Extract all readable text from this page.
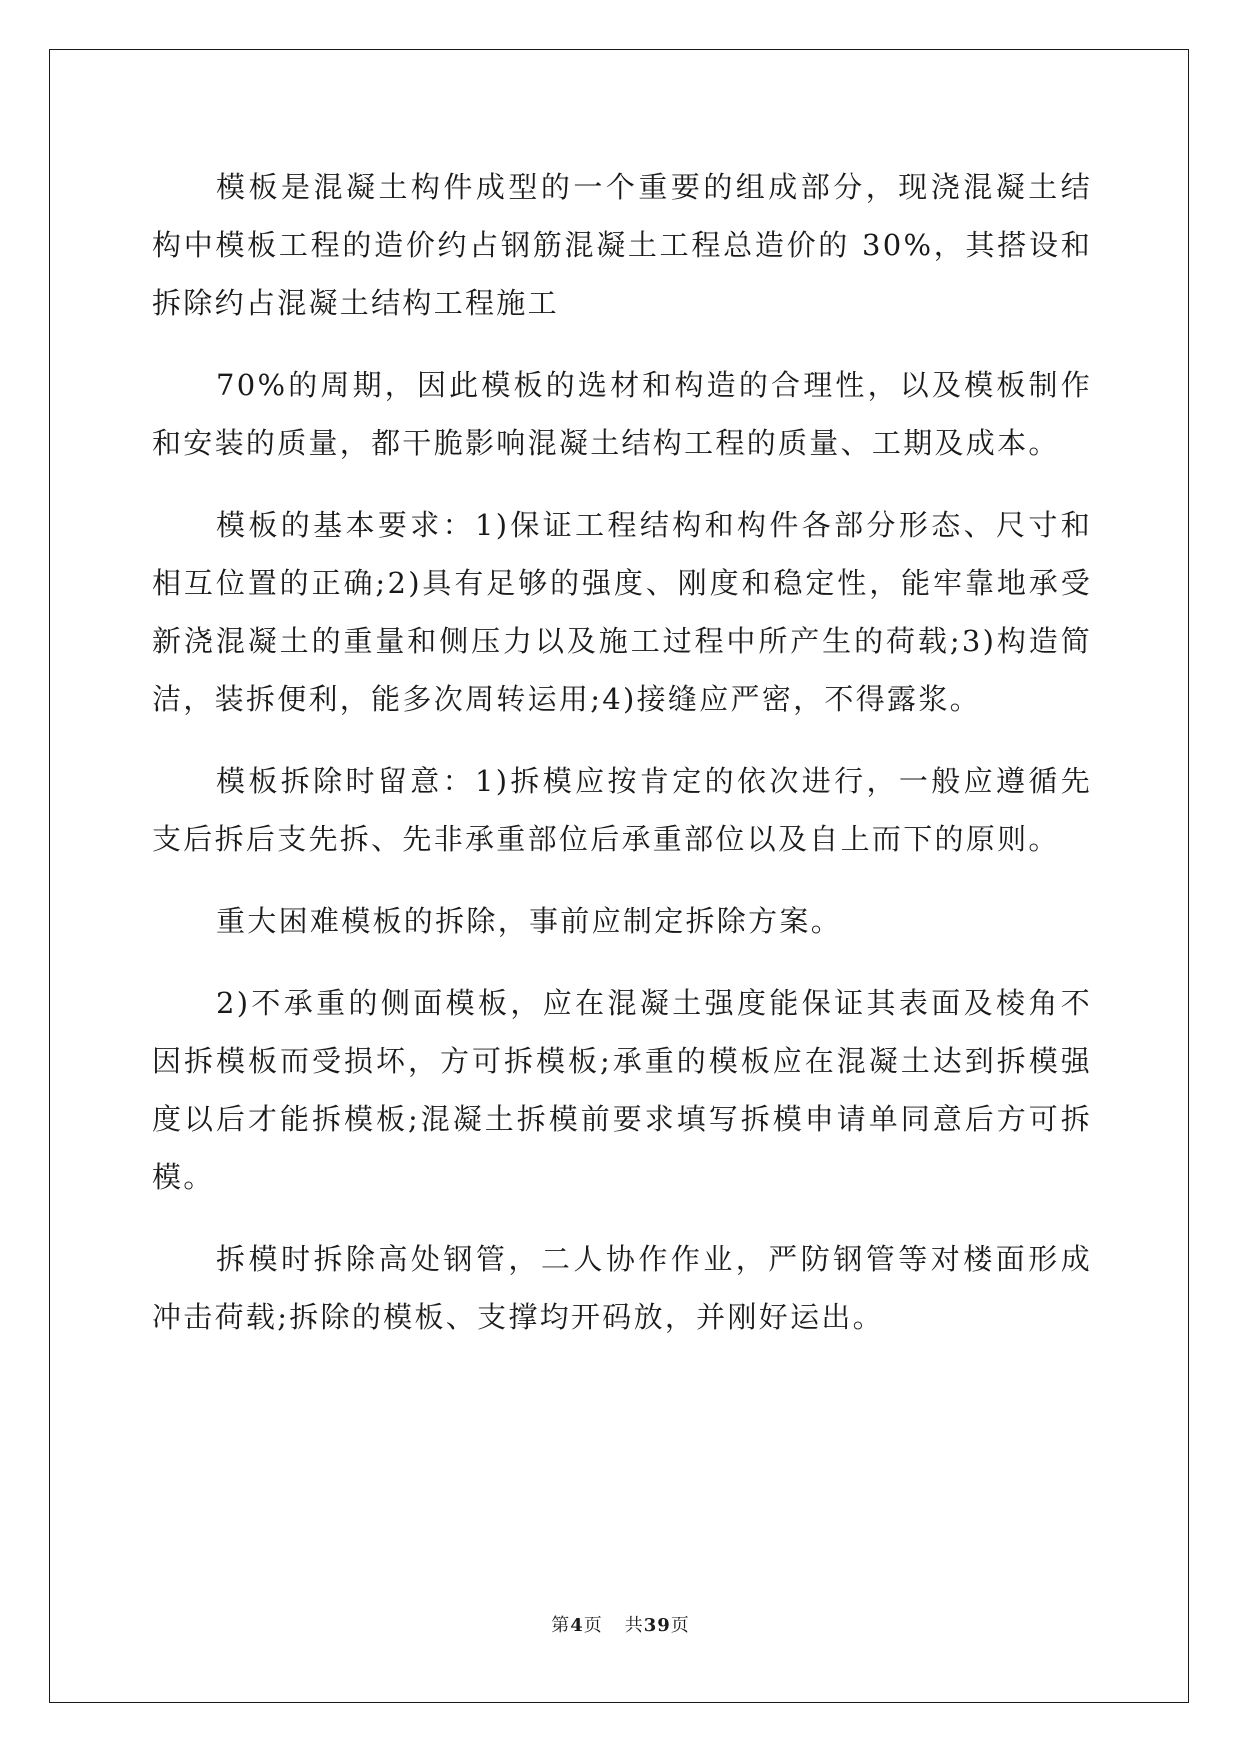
模板是混凝土构件成型的一个重要的组成部分，现浇混凝土结构中模板工程的造价约占钢筋混凝土工程总造价的 30%，其搭设和拆除约占混凝土结构工程施工

70%的周期，因此模板的选材和构造的合理性，以及模板制作和安装的质量，都干脆影响混凝土结构工程的质量、工期及成本。

模板的基本要求：1)保证工程结构和构件各部分形态、尺寸和相互位置的正确;2)具有足够的强度、刚度和稳定性，能牢靠地承受新浇混凝土的重量和侧压力以及施工过程中所产生的荷载;3)构造简洁，装拆便利，能多次周转运用;4)接缝应严密，不得露浆。

模板拆除时留意：1)拆模应按肯定的依次进行，一般应遵循先支后拆后支先拆、先非承重部位后承重部位以及自上而下的原则。

重大困难模板的拆除，事前应制定拆除方案。

2)不承重的侧面模板，应在混凝土强度能保证其表面及棱角不因拆模板而受损坏，方可拆模板;承重的模板应在混凝土达到拆模强度以后才能拆模板;混凝土拆模前要求填写拆模申请单同意后方可拆模。

拆模时拆除高处钢管，二人协作作业，严防钢管等对楼面形成冲击荷载;拆除的模板、支撑均开码放，并刚好运出。

第4页 共39页
